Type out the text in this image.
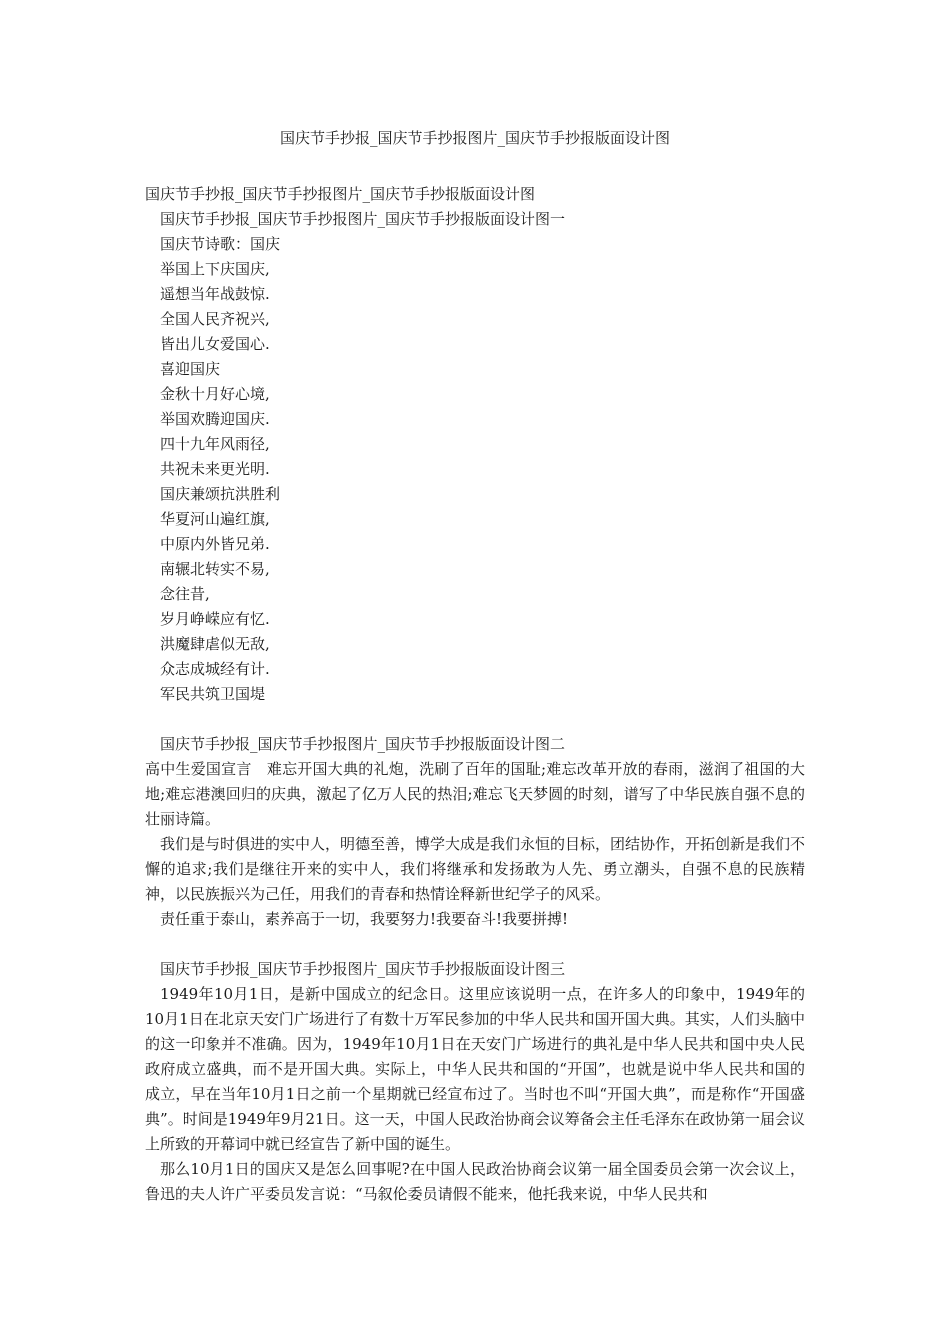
国庆节手抄报_国庆节手抄报图片_国庆节手抄报版面设计图

国庆节手抄报_国庆节手抄报图片_国庆节手抄报版面设计图

国庆节手抄报_国庆节手抄报图片_国庆节手抄报版面设计图一

国庆节诗歌：国庆

举国上下庆国庆,

遥想当年战鼓惊.

全国人民齐祝兴,

皆出儿女爱国心.

喜迎国庆

金秋十月好心境,

举国欢腾迎国庆.

四十九年风雨径,

共祝未来更光明.

国庆兼颂抗洪胜利

华夏河山遍红旗,

中原内外皆兄弟.

南辗北转实不易,

念往昔,

岁月峥嵘应有忆.

洪魔肆虐似无敌,

众志成城经有计.

军民共筑卫国堤

国庆节手抄报_国庆节手抄报图片_国庆节手抄报版面设计图二

高中生爱国宣言　难忘开国大典的礼炮，洗刷了百年的国耻;难忘改革开放的春雨，滋润了祖国的大地;难忘港澳回归的庆典，激起了亿万人民的热泪;难忘飞天梦圆的时刻，谱写了中华民族自强不息的壮丽诗篇。

我们是与时俱进的实中人，明德至善，博学大成是我们永恒的目标，团结协作，开拓创新是我们不懈的追求;我们是继往开来的实中人，我们将继承和发扬敢为人先、勇立潮头，自强不息的民族精神，以民族振兴为己任，用我们的青春和热情诠释新世纪学子的风采。

责任重于泰山，素养高于一切，我要努力!我要奋斗!我要拼搏!

国庆节手抄报_国庆节手抄报图片_国庆节手抄报版面设计图三

1949年10月1日，是新中国成立的纪念日。这里应该说明一点，在许多人的印象中，1949年的10月1日在北京天安门广场进行了有数十万军民参加的中华人民共和国开国大典。其实，人们头脑中的这一印象并不准确。因为，1949年10月1日在天安门广场进行的典礼是中华人民共和国中央人民政府成立盛典，而不是开国大典。实际上，中华人民共和国的“开国”，也就是说中华人民共和国的成立，早在当年10月1日之前一个星期就已经宣布过了。当时也不叫“开国大典”，而是称作“开国盛典”。时间是1949年9月21日。这一天，中国人民政治协商会议筹备会主任毛泽东在政协第一届会议上所致的开幕词中就已经宣告了新中国的诞生。

那么10月1日的国庆又是怎么回事呢?在中国人民政治协商会议第一届全国委员会第一次会议上，鲁迅的夫人许广平委员发言说：“马叙伦委员请假不能来，他托我来说，中华人民共和
